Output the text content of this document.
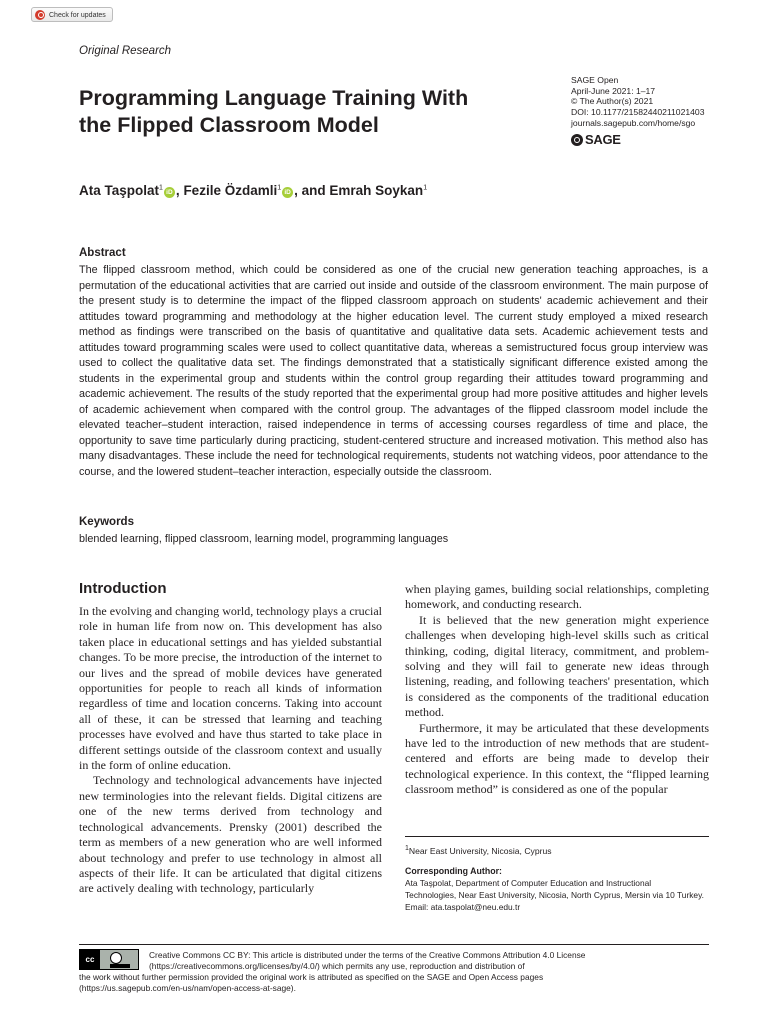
Check for updates
Original Research
Programming Language Training With
the Flipped Classroom Model
SAGE Open
April-June 2021: 1–17
© The Author(s) 2021
DOI: 10.1177/21582440211021403
journals.sagepub.com/home/sgo
SAGE
Ata Taşpolat$^1$iD , Fezile Özdamli$^1$iD , and Emrah Soykan$^1$
Abstract
The flipped classroom method, which could be considered as one of the crucial new generation teaching approaches, is a permutation of the educational activities that are carried out inside and outside of the classroom environment. The main purpose of the present study is to determine the impact of the flipped classroom approach on students' academic achievement and their attitudes toward programming and methodology at the higher education level. The current study employed a mixed research method as findings were transcribed on the basis of quantitative and qualitative data sets. Academic achievement tests and attitudes toward programming scales were used to collect quantitative data, whereas a semistructured focus group interview was used to collect the qualitative data set. The findings demonstrated that a statistically significant difference existed among the students in the experimental group and students within the control group regarding their attitudes toward programming and academic achievement. The results of the study reported that the experimental group had more positive attitudes and higher levels of academic achievement when compared with the control group. The advantages of the flipped classroom model include the elevated teacher–student interaction, raised independence in terms of accessing courses regardless of time and place, the opportunity to save time particularly during practicing, student-centered structure and increased motivation. This method also has many disadvantages. These include the need for technological requirements, students not watching videos, poor attendance to the course, and the lowered student–teacher interaction, especially outside the classroom.
Keywords
blended learning, flipped classroom, learning model, programming languages
Introduction

In the evolving and changing world, technology plays a crucial role in human life from now on. This development has also taken place in educational settings and has yielded substantial changes. To be more precise, the introduction of the internet to our lives and the spread of mobile devices have generated opportunities for people to reach all kinds of information regardless of time and location concerns. Taking into account all of these, it can be stressed that learning and teaching processes have evolved and have thus started to take place in different settings outside of the classroom context and usually in the form of online education.

Technology and technological advancements have injected new terminologies into the relevant fields. Digital citizens are one of the new terms derived from technology and technological advancements. Prensky (2001) described the term as members of a new generation who are well informed about technology and prefer to use technology in almost all aspects of their life. It can be articulated that digital citizens are actively dealing with technology, particularly

when playing games, building social relationships, completing homework, and conducting research.

It is believed that the new generation might experience challenges when developing high-level skills such as critical thinking, coding, digital literacy, commitment, and problem-solving and they will fail to generate new ideas through listening, reading, and following teachers' presentation, which is considered as the components of the traditional education method.

Furthermore, it may be articulated that these developments have led to the introduction of new methods that are student-centered and efforts are being made to develop their technological experience. In this context, the “flipped learning classroom method” is considered as one of the popular

$^1$Near East University, Nicosia, Cyprus
Corresponding Author:
Ata Taşpolat, Department of Computer Education and Instructional
Technologies, Near East University, Nicosia, North Cyprus, Mersin via 10 Turkey.
Email: ata.taspolat@neu.edu.tr
cc	Creative Commons CC BY: This article is distributed under the terms of the Creative Commons Attribution 4.0 License
(https://creativecommons.org/licenses/by/4.0/) which permits any use, reproduction and distribution of
the work without further permission provided the original work is attributed as specified on the SAGE and Open Access pages
(https://us.sagepub.com/en-us/nam/open-access-at-sage).
